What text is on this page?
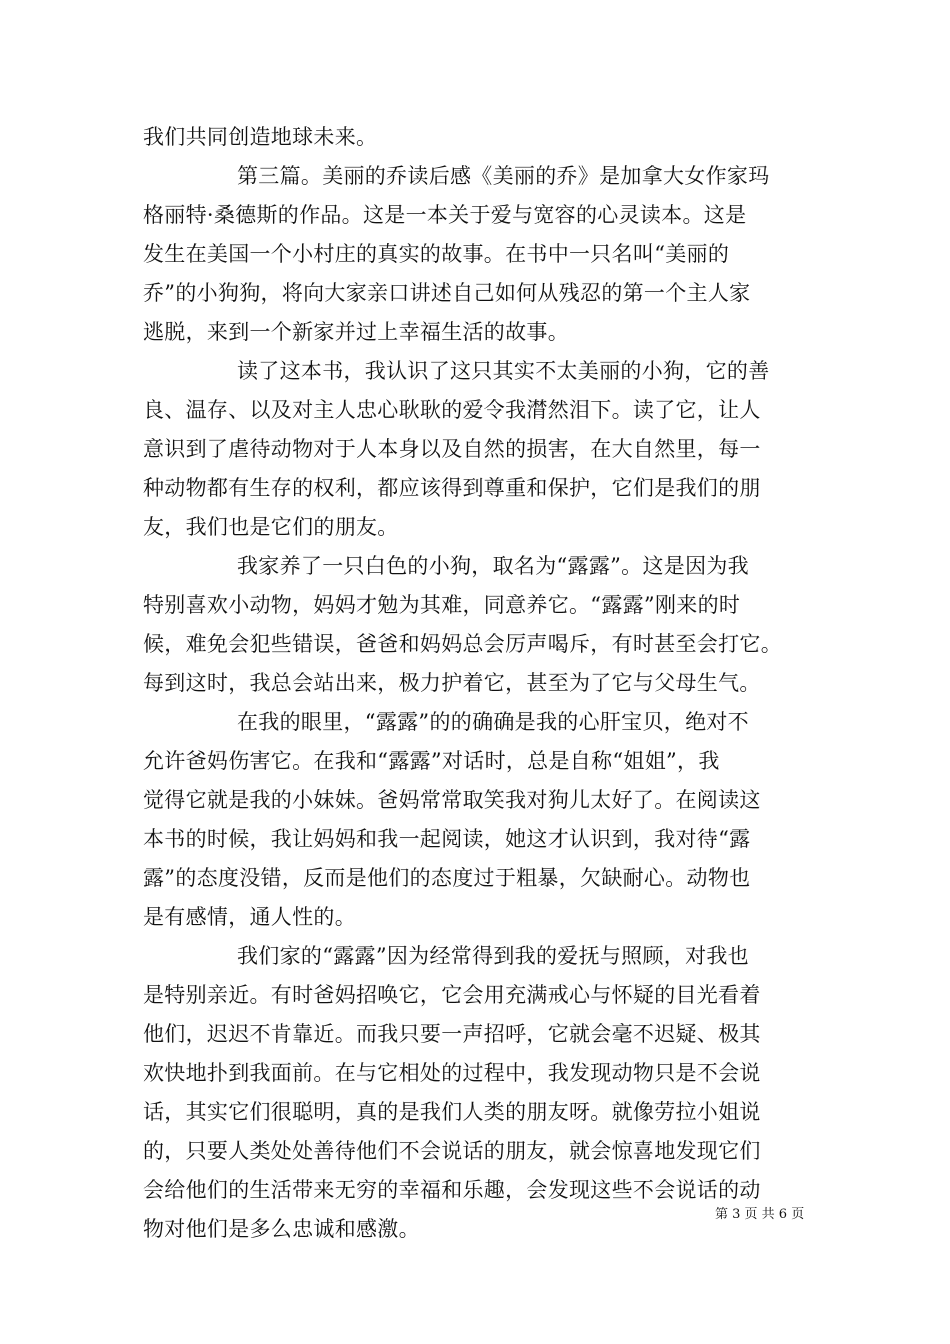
我们共同创造地球未来。
第三篇。美丽的乔读后感《美丽的乔》是加拿大女作家玛
格丽特·桑德斯的作品。这是一本关于爱与宽容的心灵读本。这是
发生在美国一个小村庄的真实的故事。在书中一只名叫“美丽的
乔”的小狗狗，将向大家亲口讲述自己如何从残忍的第一个主人家
逃脱，来到一个新家并过上幸福生活的故事。
读了这本书，我认识了这只其实不太美丽的小狗，它的善
良、温存、以及对主人忠心耿耿的爱令我潸然泪下。读了它，让人
意识到了虐待动物对于人本身以及自然的损害，在大自然里，每一
种动物都有生存的权利，都应该得到尊重和保护，它们是我们的朋
友，我们也是它们的朋友。
我家养了一只白色的小狗，取名为“露露”。这是因为我
特别喜欢小动物，妈妈才勉为其难，同意养它。“露露”刚来的时
候，难免会犯些错误，爸爸和妈妈总会厉声喝斥，有时甚至会打它。
每到这时，我总会站出来，极力护着它，甚至为了它与父母生气。
在我的眼里，“露露”的的确确是我的心肝宝贝，绝对不
允许爸妈伤害它。在我和“露露”对话时，总是自称“姐姐”，我
觉得它就是我的小妹妹。爸妈常常取笑我对狗儿太好了。在阅读这
本书的时候，我让妈妈和我一起阅读，她这才认识到，我对待“露
露”的态度没错，反而是他们的态度过于粗暴，欠缺耐心。动物也
是有感情，通人性的。
我们家的“露露”因为经常得到我的爱抚与照顾，对我也
是特别亲近。有时爸妈招唤它，它会用充满戒心与怀疑的目光看着
他们，迟迟不肯靠近。而我只要一声招呼，它就会毫不迟疑、极其
欢快地扑到我面前。在与它相处的过程中，我发现动物只是不会说
话，其实它们很聪明，真的是我们人类的朋友呀。就像劳拉小姐说
的，只要人类处处善待他们不会说话的朋友，就会惊喜地发现它们
会给他们的生活带来无穷的幸福和乐趣，会发现这些不会说话的动
物对他们是多么忠诚和感激。
第 3 页 共 6 页
